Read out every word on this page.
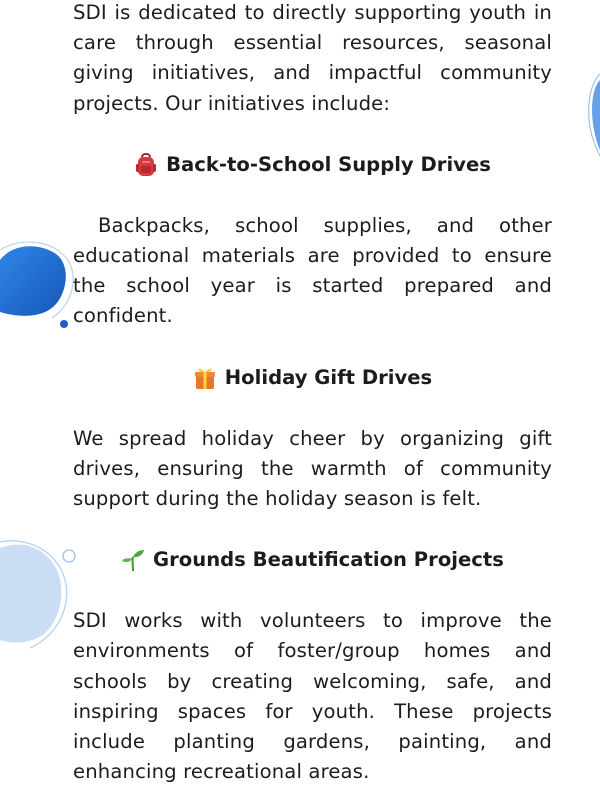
SDI is dedicated to directly supporting youth in care through essential resources, seasonal giving initiatives, and impactful community projects. Our initiatives include:

Back-to-School Supply Drives

Backpacks, school supplies, and other educational materials are provided to ensure the school year is started prepared and confident.

Holiday Gift Drives

We spread holiday cheer by organizing gift drives, ensuring the warmth of community support during the holiday season is felt.

Grounds Beautification Projects

SDI works with volunteers to improve the environments of foster/group homes and schools by creating welcoming, safe, and inspiring spaces for youth. These projects include planting gardens, painting, and enhancing recreational areas.
